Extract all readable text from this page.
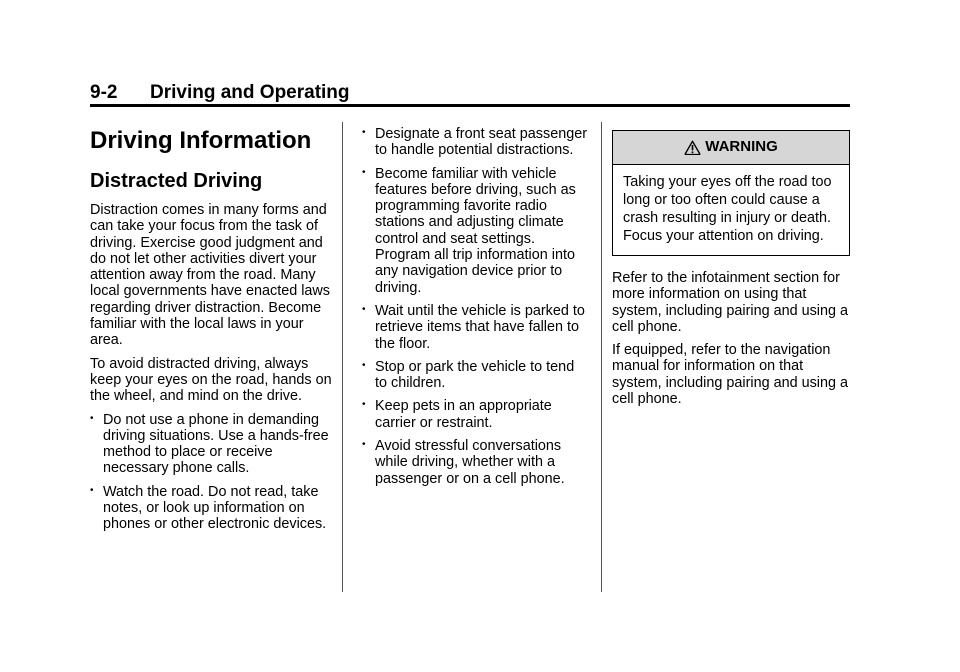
9-2 Driving and Operating
Driving Information
Distracted Driving

Distraction comes in many forms and can take your focus from the task of driving. Exercise good judgment and do not let other activities divert your attention away from the road. Many local governments have enacted laws regarding driver distraction. Become familiar with the local laws in your area.

To avoid distracted driving, always keep your eyes on the road, hands on the wheel, and mind on the drive.

• Do not use a phone in demanding driving situations. Use a hands-free method to place or receive necessary phone calls.
• Watch the road. Do not read, take notes, or look up information on phones or other electronic devices.
• Designate a front seat passenger to handle potential distractions.
• Become familiar with vehicle features before driving, such as programming favorite radio stations and adjusting climate control and seat settings. Program all trip information into any navigation device prior to driving.
• Wait until the vehicle is parked to retrieve items that have fallen to the floor.
• Stop or park the vehicle to tend to children.
• Keep pets in an appropriate carrier or restraint.
• Avoid stressful conversations while driving, whether with a passenger or on a cell phone.
WARNING
Taking your eyes off the road too long or too often could cause a crash resulting in injury or death. Focus your attention on driving.

Refer to the infotainment section for more information on using that system, including pairing and using a cell phone.

If equipped, refer to the navigation manual for information on that system, including pairing and using a cell phone.
